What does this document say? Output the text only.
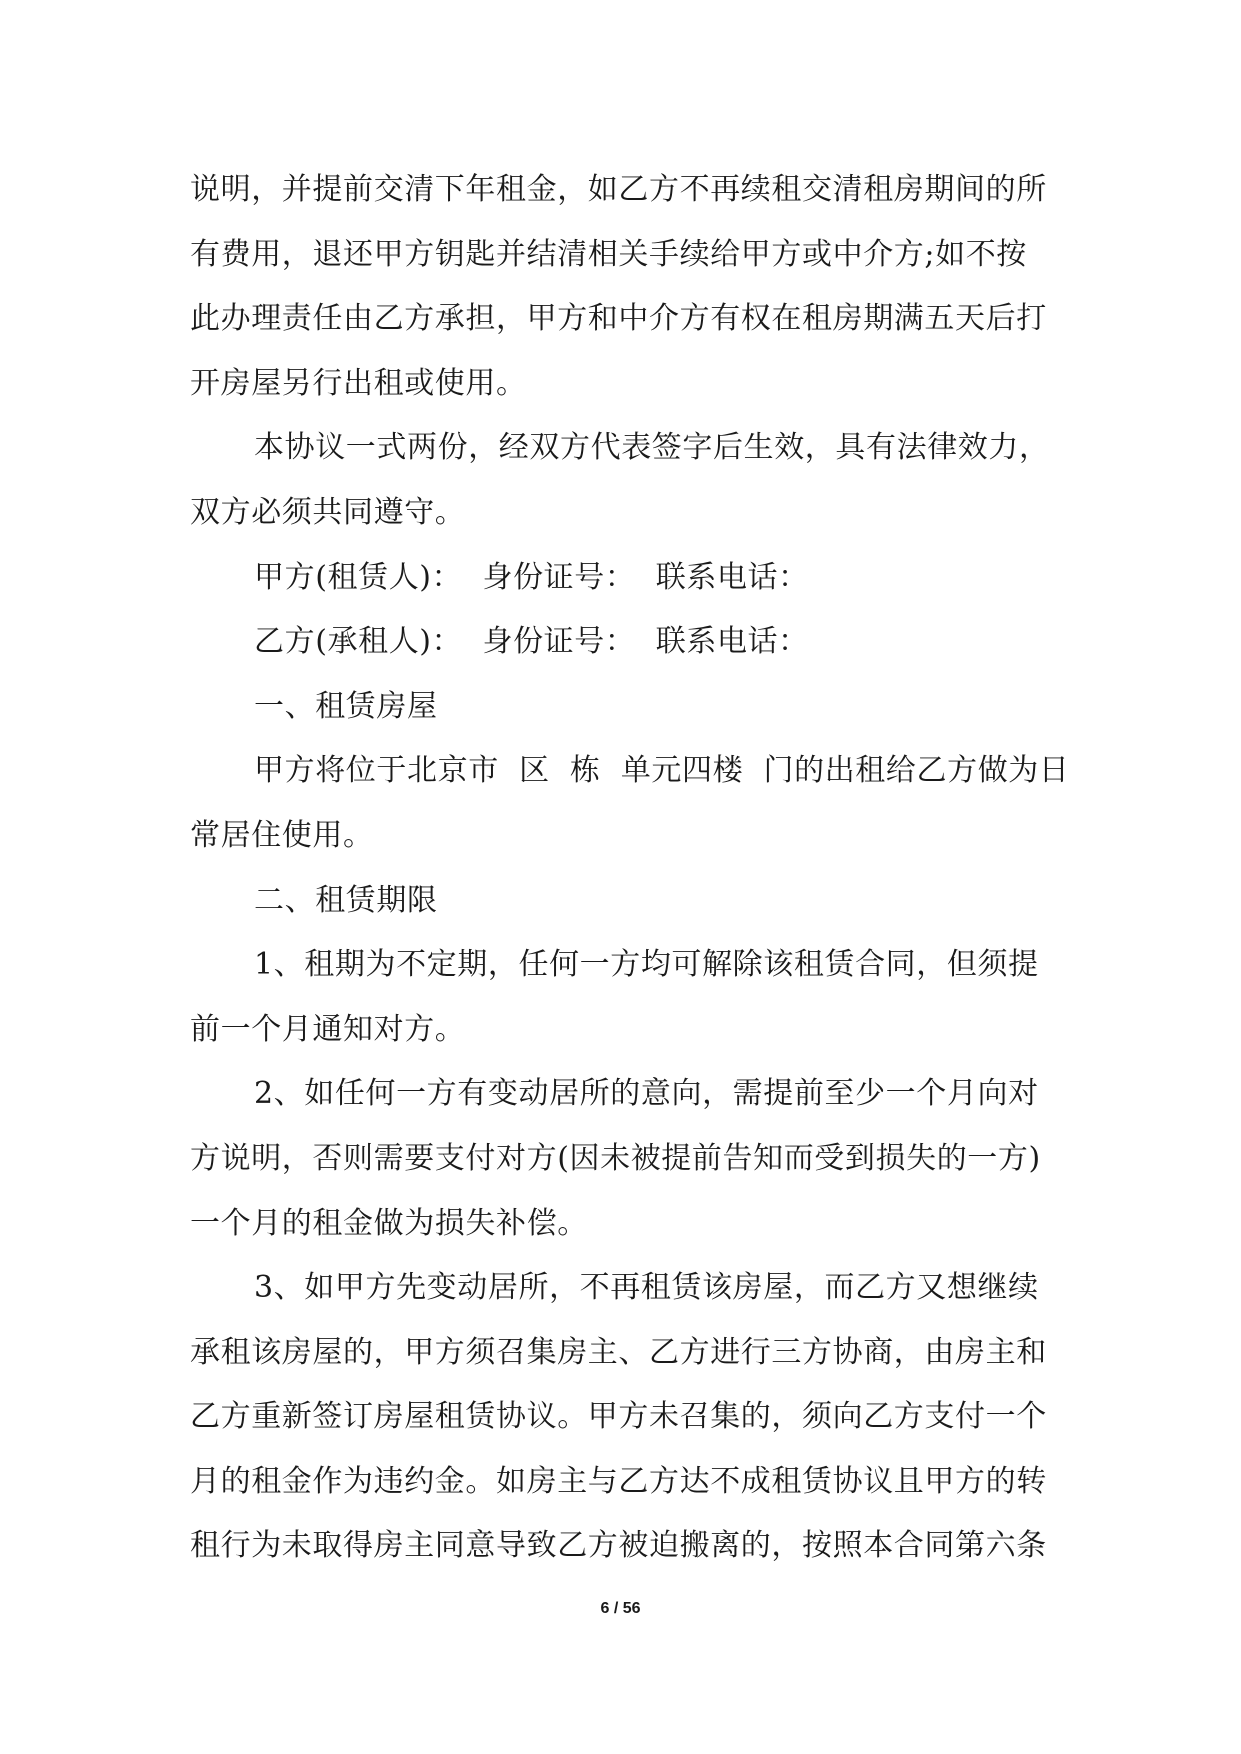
说明，并提前交清下年租金，如乙方不再续租交清租房期间的所
有费用，退还甲方钥匙并结清相关手续给甲方或中介方;如不按
此办理责任由乙方承担，甲方和中介方有权在租房期满五天后打
开房屋另行出租或使用。
本协议一式两份，经双方代表签字后生效，具有法律效力，
双方必须共同遵守。
甲方(租赁人)：  身份证号：  联系电话：
乙方(承租人)：  身份证号：  联系电话：
一、租赁房屋
甲方将位于北京市  区  栋  单元四楼  门的出租给乙方做为日
常居住使用。
二、租赁期限
1、租期为不定期，任何一方均可解除该租赁合同，但须提
前一个月通知对方。
2、如任何一方有变动居所的意向，需提前至少一个月向对
方说明，否则需要支付对方(因未被提前告知而受到损失的一方)
一个月的租金做为损失补偿。
3、如甲方先变动居所，不再租赁该房屋，而乙方又想继续
承租该房屋的，甲方须召集房主、乙方进行三方协商，由房主和
乙方重新签订房屋租赁协议。甲方未召集的，须向乙方支付一个
月的租金作为违约金。如房主与乙方达不成租赁协议且甲方的转
租行为未取得房主同意导致乙方被迫搬离的，按照本合同第六条
6 / 56
